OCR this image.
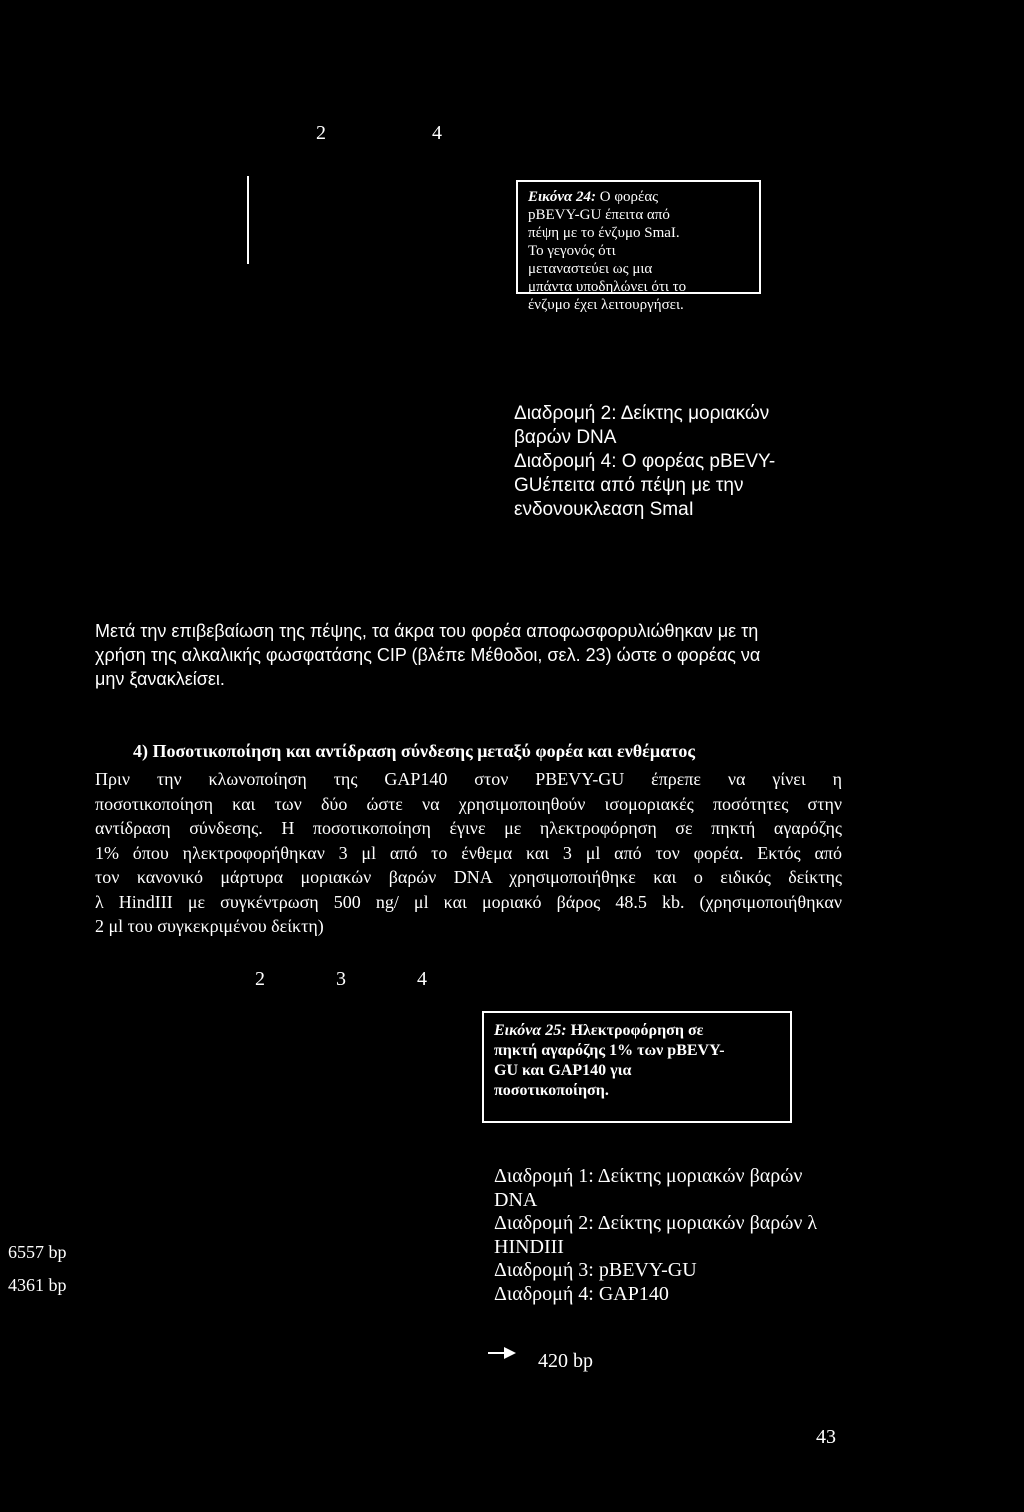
2	4
Εικόνα 24: Ο φορέας
pBEVY-GU έπειτα από
πέψη με το ένζυμο SmaI.
Το γεγονός ότι
μεταναστεύει ως μια
μπάντα υποδηλώνει ότι το
ένζυμο έχει λειτουργήσει.
Διαδρομή 2: Δείκτης μοριακών
βαρών DNA
Διαδρομή 4: Ο φορέας pBEVY-
GUέπειτα από πέψη με την
ενδονουκλεαση SmaI
Μετά την επιβεβαίωση της πέψης, τα άκρα του φορέα αποφωσφορυλιώθηκαν με τη
χρήση της αλκαλικής φωσφατάσης CIP (βλέπε Μέθοδοι, σελ. 23) ώστε ο φορέας να
μην ξανακλείσει.
4) Ποσοτικοποίηση και αντίδραση σύνδεσης μεταξύ φορέα και ενθέματος
Πριν την κλωνοποίηση της GAP140 στον PBEVY-GU έπρεπε να γίνει η
ποσοτικοποίηση και των δύο ώστε να χρησιμοποιηθούν ισομοριακές ποσότητες στην
αντίδραση σύνδεσης. Η ποσοτικοποίηση έγινε με ηλεκτροφόρηση σε πηκτή αγαρόζης
1% όπου ηλεκτροφορήθηκαν 3 μl από το ένθεμα και 3 μl από τον φορέα. Εκτός από
τον κανονικό μάρτυρα μοριακών βαρών DNA χρησιμοποιήθηκε και ο ειδικός δείκτης
λ HindIII με συγκέντρωση 500 ng/ μl και μοριακό βάρος 48.5 kb. (χρησιμοποιήθηκαν
2 μl του συγκεκριμένου δείκτη)
2	3	4
Εικόνα 25: Ηλεκτροφόρηση σε
πηκτή αγαρόζης 1% των pBEVY-
GU και GAP140 για
ποσοτικοποίηση.
Διαδρομή 1: Δείκτης μοριακών βαρών
DNA
Διαδρομή 2: Δείκτης μοριακών βαρών λ
HINDIII
Διαδρομή 3: pBEVY-GU
Διαδρομή 4: GAP140
6557 bp
4361 bp
420 bp
43
